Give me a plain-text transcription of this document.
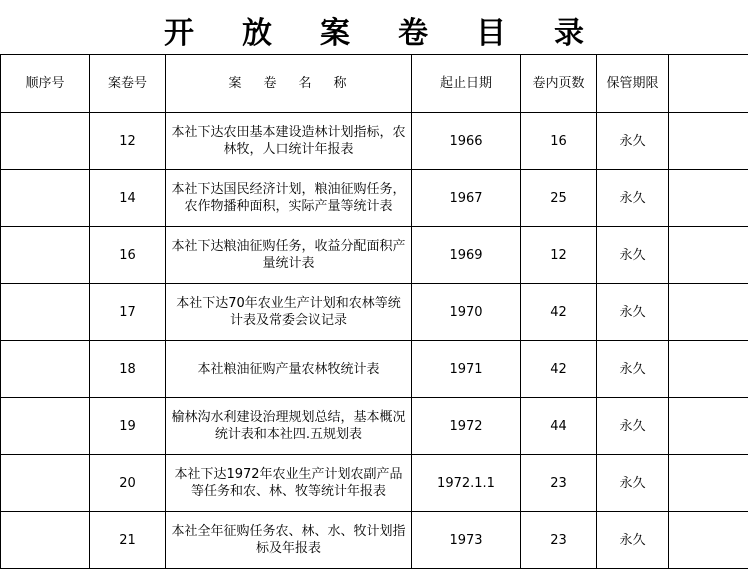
开放案卷目录
顺序号	案卷号	案卷名称	起止日期	卷内页数	保管期限	
	12	本社下达农田基本建设造林计划指标，农林牧，人口统计年报表	1966	16	永久	
	14	本社下达国民经济计划，粮油征购任务，农作物播种面积，实际产量等统计表	1967	25	永久	
	16	本社下达粮油征购任务，收益分配面积产量统计表	1969	12	永久	
	17	本社下达70年农业生产计划和农林等统计表及常委会议记录	1970	42	永久	
	18	本社粮油征购产量农林牧统计表	1971	42	永久	
	19	榆林沟水利建设治理规划总结，基本概况统计表和本社四.五规划表	1972	44	永久	
	20	本社下达1972年农业生产计划农副产品等任务和农、林、牧等统计年报表	1972.1.1	23	永久	
	21	本社全年征购任务农、林、水、牧计划指标及年报表	1973	23	永久	
